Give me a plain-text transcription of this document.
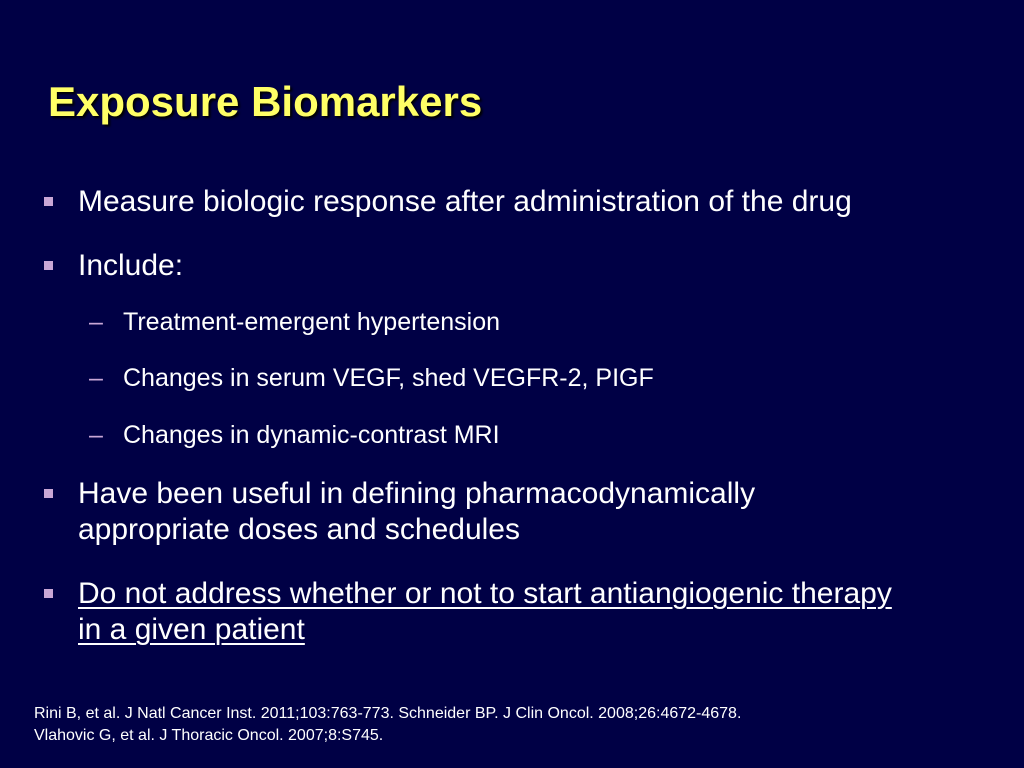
Exposure Biomarkers
Measure biologic response after administration of the drug
Include:
– Treatment-emergent hypertension
– Changes in serum VEGF, shed VEGFR-2, PIGF
– Changes in dynamic-contrast MRI
Have been useful in defining pharmacodynamically appropriate doses and schedules
Do not address whether or not to start antiangiogenic therapy in a given patient
Rini B, et al. J Natl Cancer Inst. 2011;103:763-773. Schneider BP. J Clin Oncol. 2008;26:4672-4678.
Vlahovic G, et al. J Thoracic Oncol. 2007;8:S745.
